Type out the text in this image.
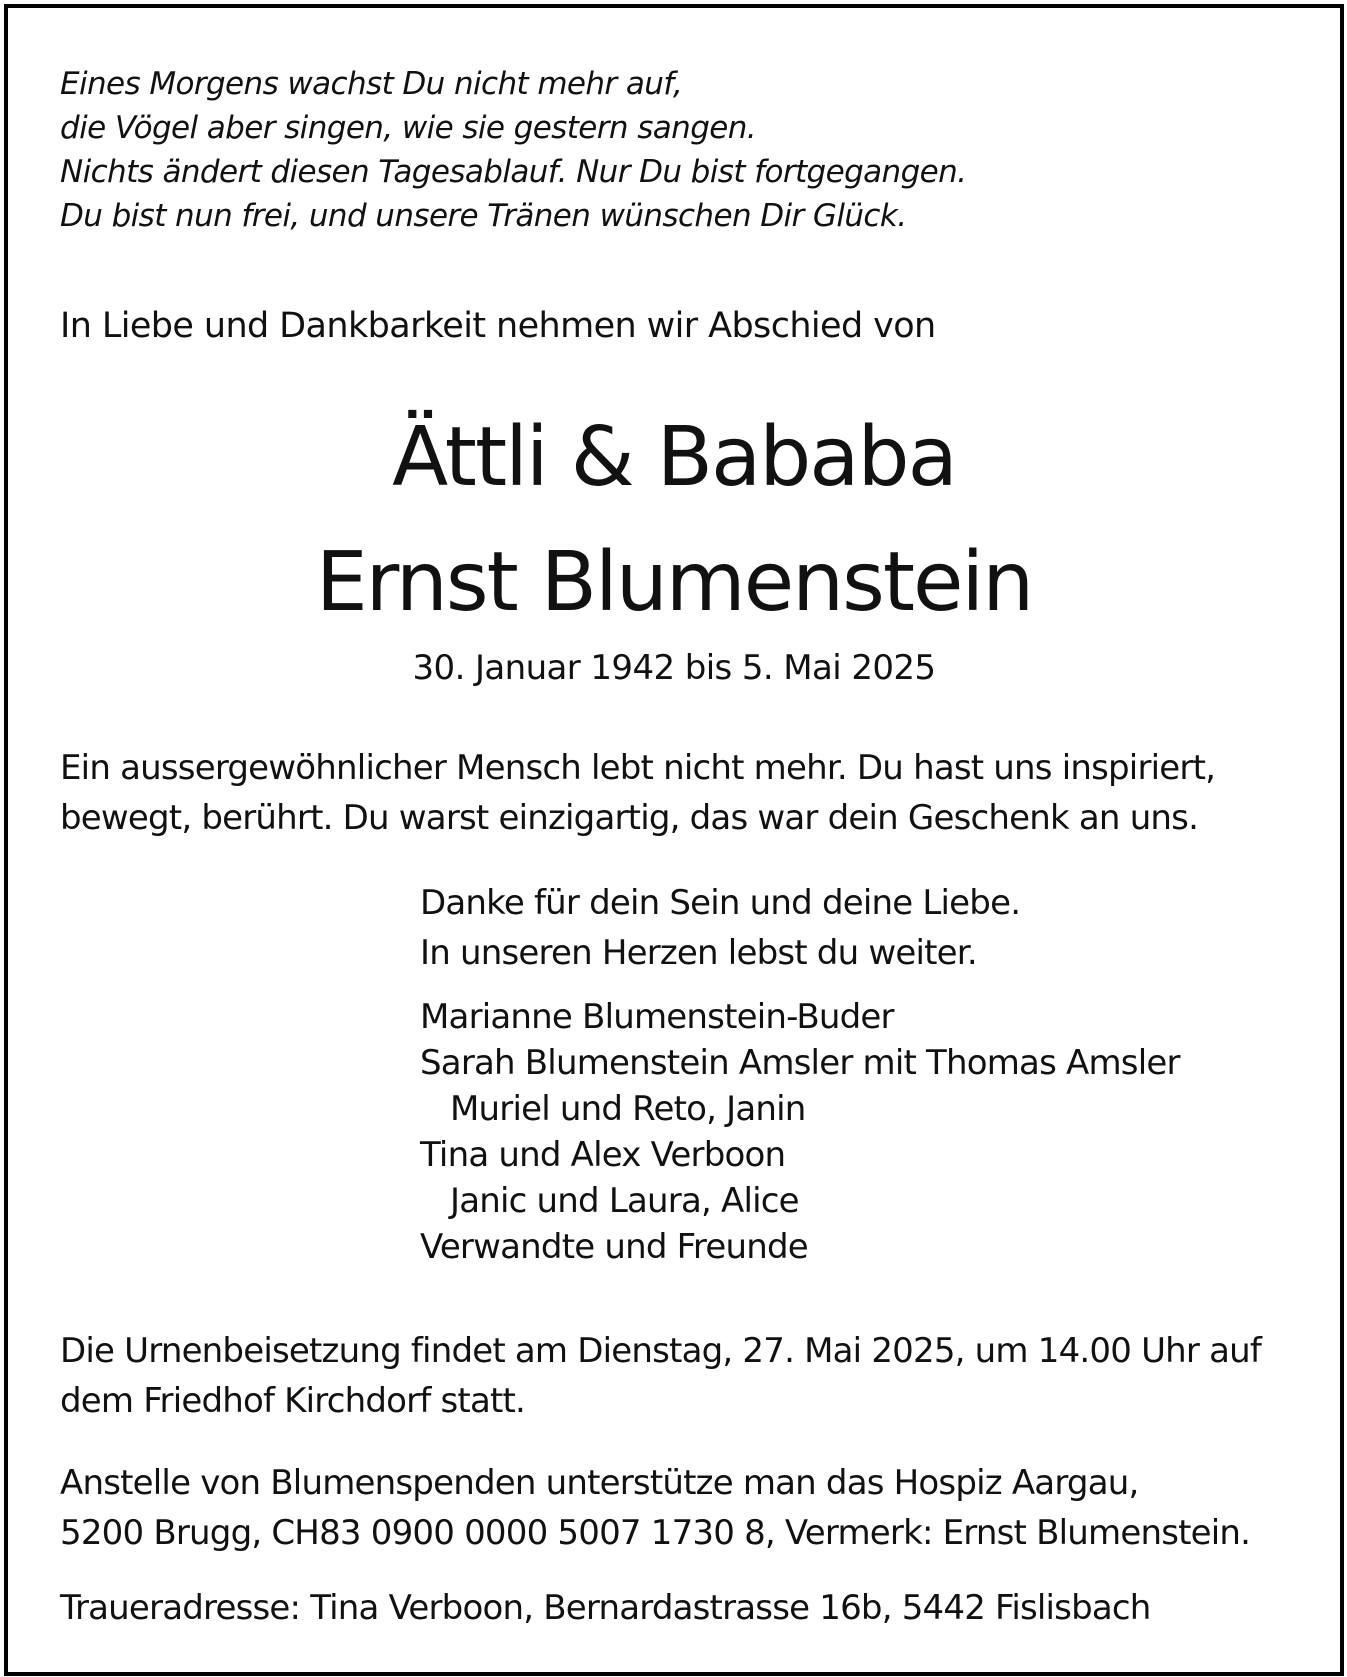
Eines Morgens wachst Du nicht mehr auf,
die Vögel aber singen, wie sie gestern sangen.
Nichts ändert diesen Tagesablauf. Nur Du bist fortgegangen.
Du bist nun frei, und unsere Tränen wünschen Dir Glück.
In Liebe und Dankbarkeit nehmen wir Abschied von
Ättli & Bababa
Ernst Blumenstein
30. Januar 1942 bis 5. Mai 2025
Ein aussergewöhnlicher Mensch lebt nicht mehr. Du hast uns inspiriert,
bewegt, berührt. Du warst einzigartig, das war dein Geschenk an uns.
Danke für dein Sein und deine Liebe.
In unseren Herzen lebst du weiter.
Marianne Blumenstein-Buder
Sarah Blumenstein Amsler mit Thomas Amsler
Muriel und Reto, Janin
Tina und Alex Verboon
Janic und Laura, Alice
Verwandte und Freunde
Die Urnenbeisetzung findet am Dienstag, 27. Mai 2025, um 14.00 Uhr auf
dem Friedhof Kirchdorf statt.
Anstelle von Blumenspenden unterstütze man das Hospiz Aargau,
5200 Brugg, CH83 0900 0000 5007 1730 8, Vermerk: Ernst Blumenstein.
Traueradresse: Tina Verboon, Bernardastrasse 16b, 5442 Fislisbach
